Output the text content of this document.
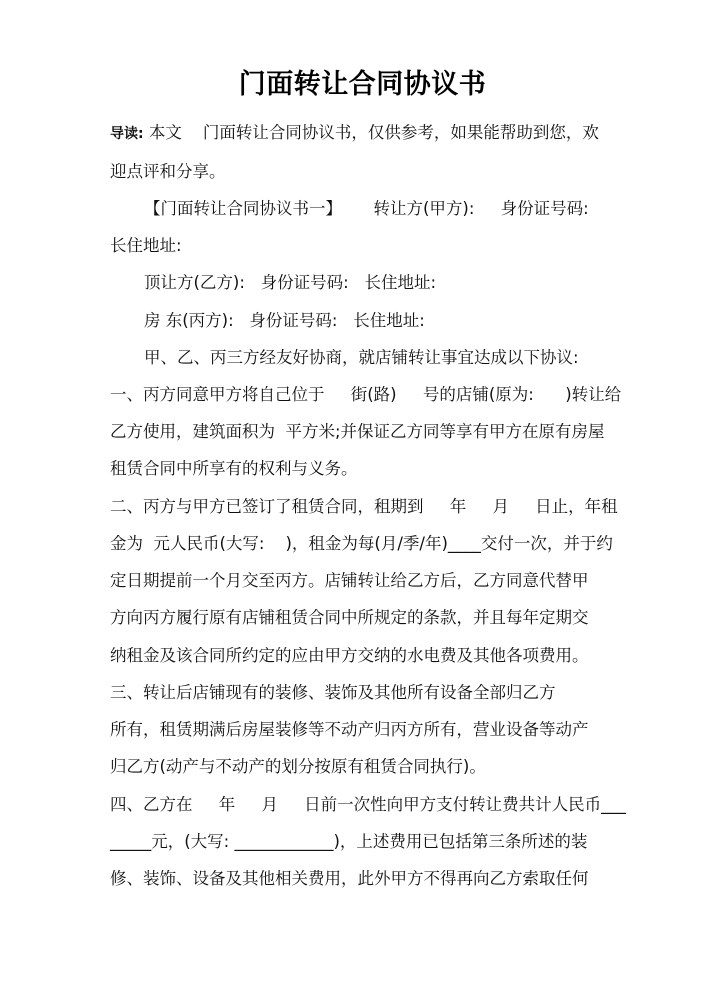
门面转让合同协议书
导读: 本文    门面转让合同协议书，仅供参考，如果能帮助到您，欢
迎点评和分享。
【门面转让合同协议书一】      转让方(甲方):     身份证号码:
长住地址:
顶让方(乙方):   身份证号码:   长住地址:
房 东(丙方):   身份证号码:   长住地址:
甲、乙、丙三方经友好协商，就店铺转让事宜达成以下协议:
一、丙方同意甲方将自己位于     街(路)     号的店铺(原为:      )转让给
乙方使用，建筑面积为  平方米;并保证乙方同等享有甲方在原有房屋
租赁合同中所享有的权利与义务。
二、丙方与甲方已签订了租赁合同，租期到     年     月     日止，年租
金为  元人民币(大写:    )，租金为每(月/季/年)____交付一次，并于约
定日期提前一个月交至丙方。店铺转让给乙方后，乙方同意代替甲
方向丙方履行原有店铺租赁合同中所规定的条款，并且每年定期交
纳租金及该合同所约定的应由甲方交纳的水电费及其他各项费用。
三、转让后店铺现有的装修、装饰及其他所有设备全部归乙方
所有，租赁期满后房屋装修等不动产归丙方所有，营业设备等动产
归乙方(动产与不动产的划分按原有租赁合同执行)。
四、乙方在     年     月     日前一次性向甲方支付转让费共计人民币___
_____元，(大写: ____________)，上述费用已包括第三条所述的装
修、装饰、设备及其他相关费用，此外甲方不得再向乙方索取任何
